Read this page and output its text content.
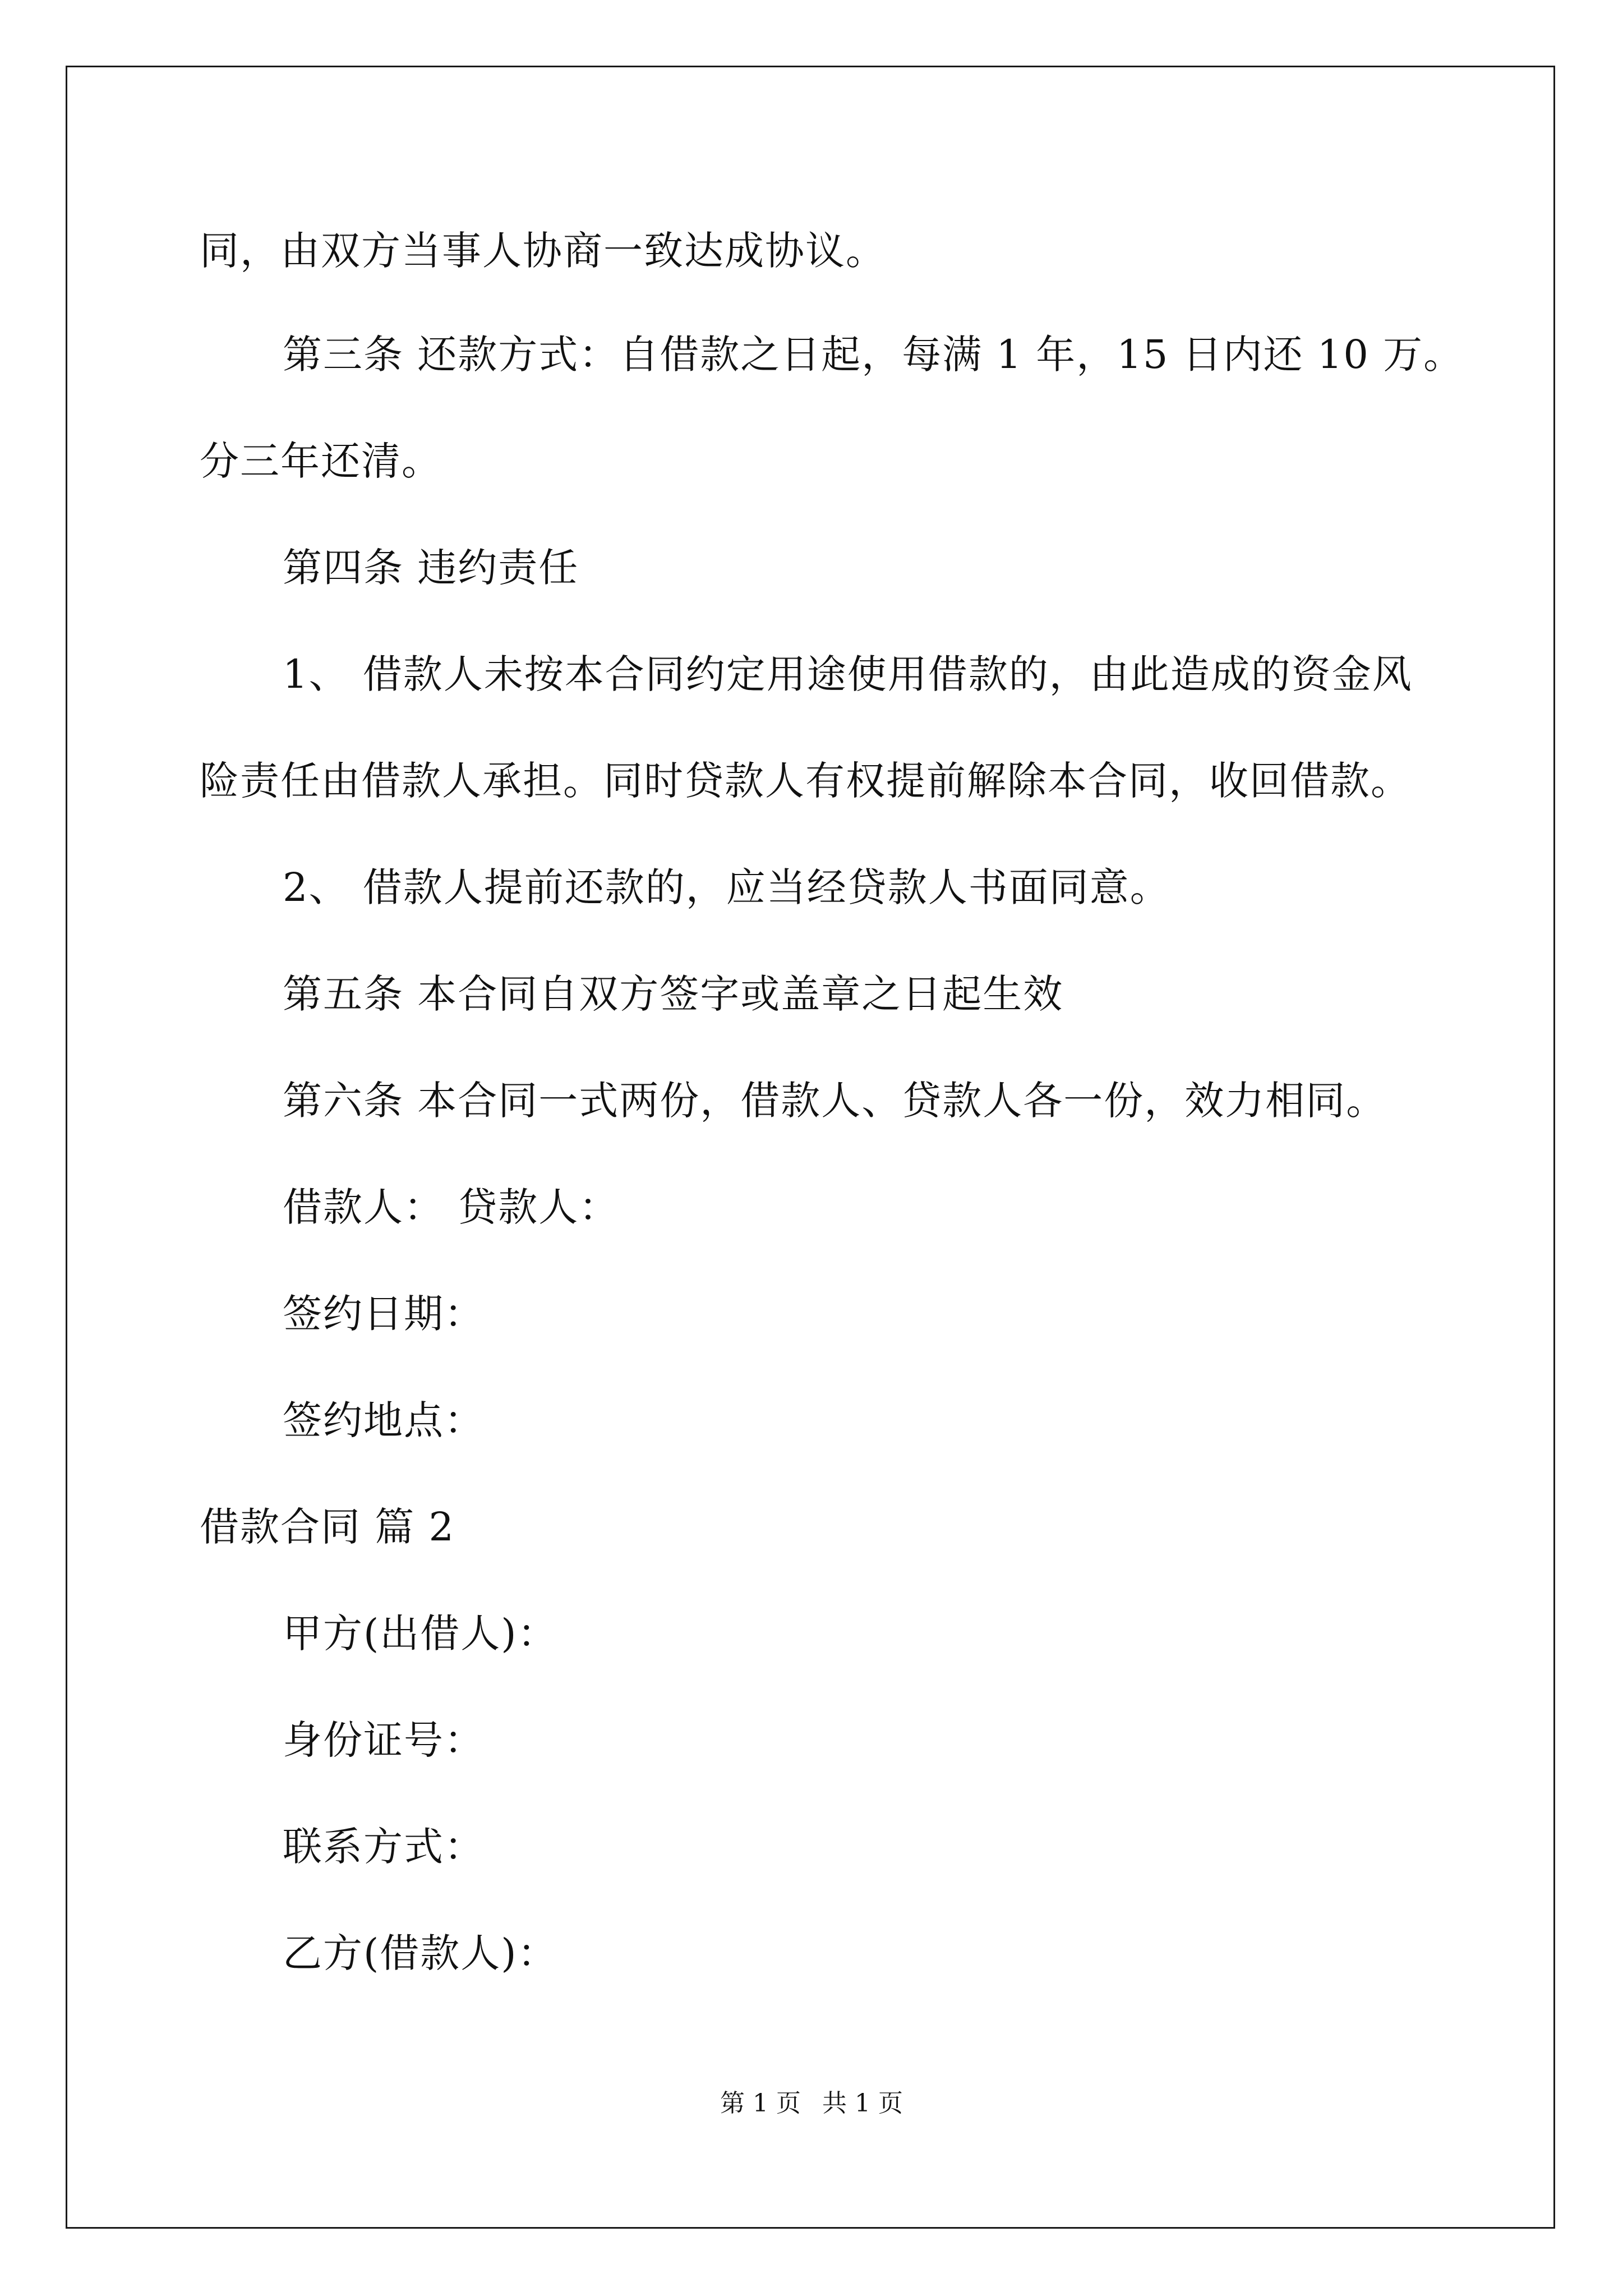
同，由双方当事人协商一致达成协议。
第三条 还款方式：自借款之日起，每满 1 年，15 日内还 10 万。
分三年还清。
第四条 违约责任
1、 借款人未按本合同约定用途使用借款的，由此造成的资金风
险责任由借款人承担。同时贷款人有权提前解除本合同，收回借款。
2、 借款人提前还款的，应当经贷款人书面同意。
第五条 本合同自双方签字或盖章之日起生效
第六条 本合同一式两份，借款人、贷款人各一份，效力相同。
借款人： 贷款人：
签约日期：
签约地点：
借款合同 篇 2
甲方(出借人)：
身份证号：
联系方式：
乙方(借款人)：
第 1 页 共 1 页
